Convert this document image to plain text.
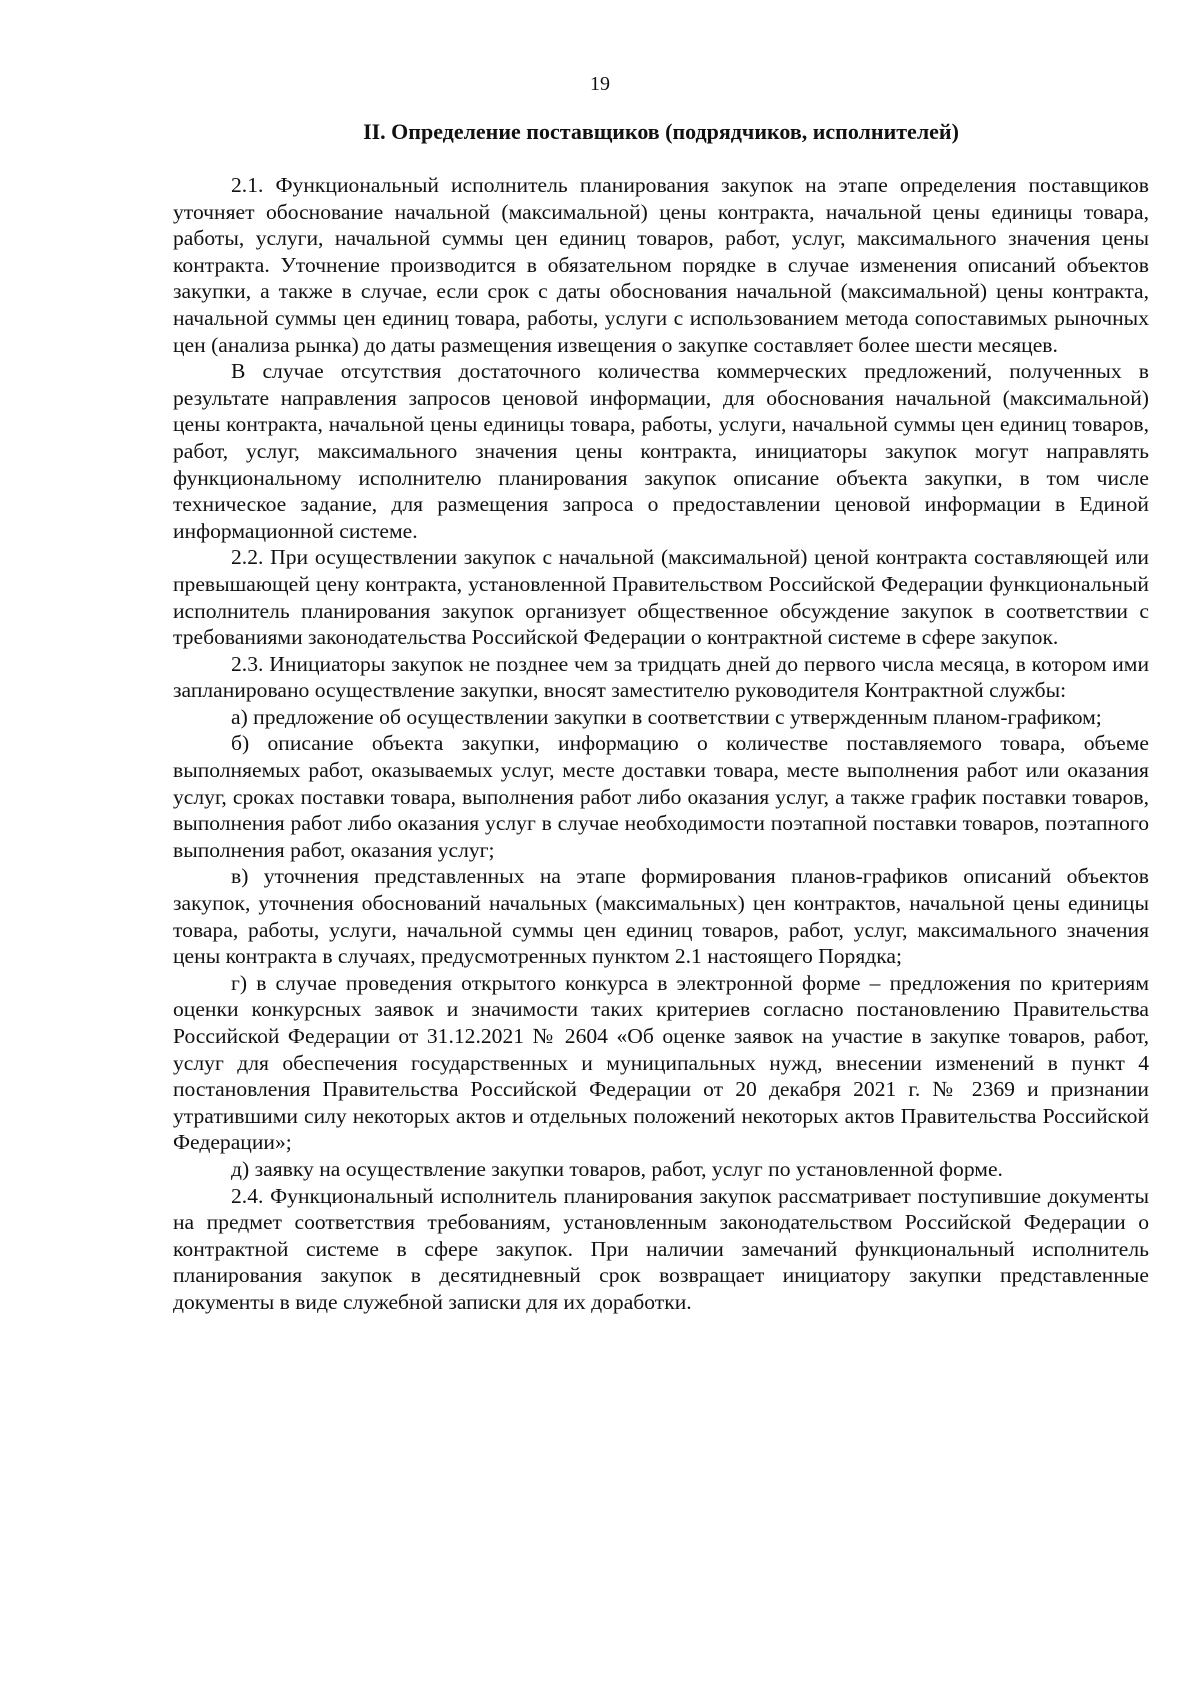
19
II. Определение поставщиков (подрядчиков, исполнителей)

2.1. Функциональный исполнитель планирования закупок на этапе определения поставщиков уточняет обоснование начальной (максимальной) цены контракта, начальной цены единицы товара, работы, услуги, начальной суммы цен единиц товаров, работ, услуг, максимального значения цены контракта. Уточнение производится в обязательном порядке в случае изменения описаний объектов закупки, а также в случае, если срок с даты обоснования начальной (максимальной) цены контракта, начальной суммы цен единиц товара, работы, услуги с использованием метода сопоставимых рыночных цен (анализа рынка) до даты размещения извещения о закупке составляет более шести месяцев.

В случае отсутствия достаточного количества коммерческих предложений, полученных в результате направления запросов ценовой информации, для обоснования начальной (максимальной) цены контракта, начальной цены единицы товара, работы, услуги, начальной суммы цен единиц товаров, работ, услуг, максимального значения цены контракта, инициаторы закупок могут направлять функциональному исполнителю планирования закупок описание объекта закупки, в том числе техническое задание, для размещения запроса о предоставлении ценовой информации в Единой информационной системе.

2.2. При осуществлении закупок с начальной (максимальной) ценой контракта составляющей или превышающей цену контракта, установленной Правительством Российской Федерации функциональный исполнитель планирования закупок организует общественное обсуждение закупок в соответствии с требованиями законодательства Российской Федерации о контрактной системе в сфере закупок.

2.3. Инициаторы закупок не позднее чем за тридцать дней до первого числа месяца, в котором ими запланировано осуществление закупки, вносят заместителю руководителя Контрактной службы:

а) предложение об осуществлении закупки в соответствии с утвержденным планом-графиком;

б) описание объекта закупки, информацию о количестве поставляемого товара, объеме выполняемых работ, оказываемых услуг, месте доставки товара, месте выполнения работ или оказания услуг, сроках поставки товара, выполнения работ либо оказания услуг, а также график поставки товаров, выполнения работ либо оказания услуг в случае необходимости поэтапной поставки товаров, поэтапного выполнения работ, оказания услуг;

в) уточнения представленных на этапе формирования планов-графиков описаний объектов закупок, уточнения обоснований начальных (максимальных) цен контрактов, начальной цены единицы товара, работы, услуги, начальной суммы цен единиц товаров, работ, услуг, максимального значения цены контракта в случаях, предусмотренных пунктом 2.1 настоящего Порядка;

г) в случае проведения открытого конкурса в электронной форме – предложения по критериям оценки конкурсных заявок и значимости таких критериев согласно постановлению Правительства Российской Федерации от 31.12.2021 № 2604 «Об оценке заявок на участие в закупке товаров, работ, услуг для обеспечения государственных и муниципальных нужд, внесении изменений в пункт 4 постановления Правительства Российской Федерации от 20 декабря 2021 г. № 2369 и признании утратившими силу некоторых актов и отдельных положений некоторых актов Правительства Российской Федерации»;

д) заявку на осуществление закупки товаров, работ, услуг по установленной форме.

2.4. Функциональный исполнитель планирования закупок рассматривает поступившие документы на предмет соответствия требованиям, установленным законодательством Российской Федерации о контрактной системе в сфере закупок. При наличии замечаний функциональный исполнитель планирования закупок в десятидневный срок возвращает инициатору закупки представленные документы в виде служебной записки для их доработки.
